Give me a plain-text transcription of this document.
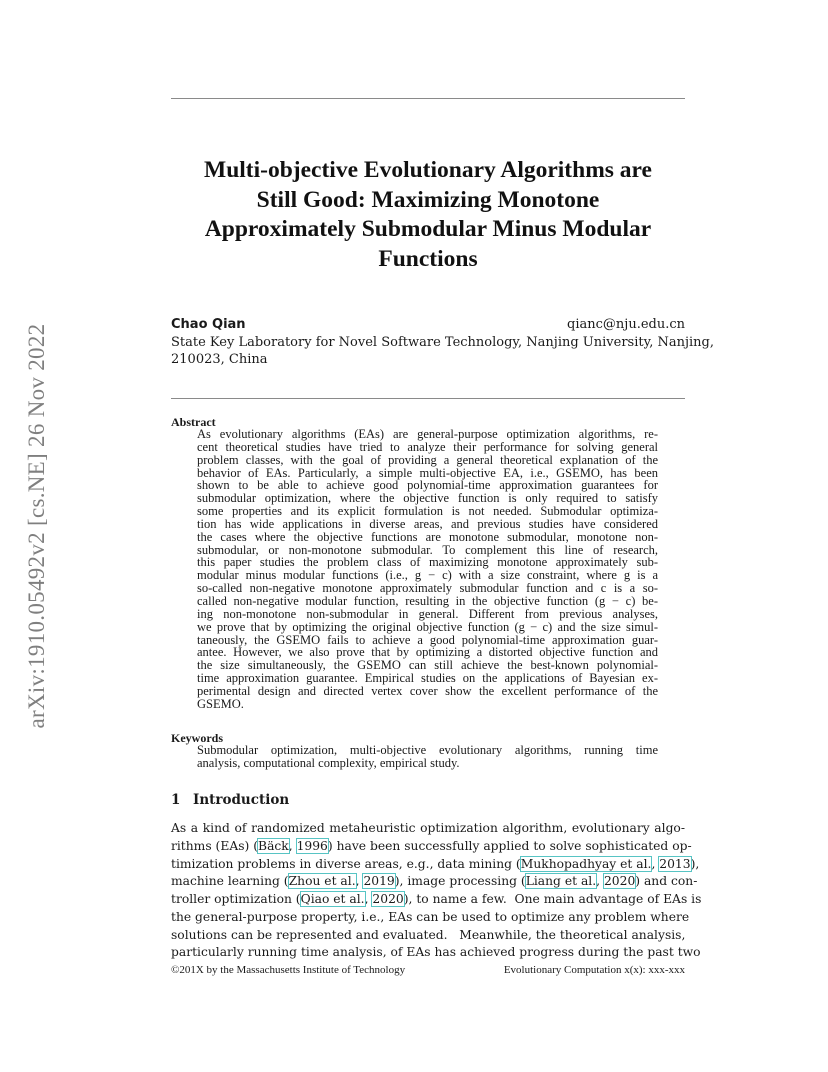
arXiv:1910.05492v2 [cs.NE] 26 Nov 2022
Multi-objective Evolutionary Algorithms are
Still Good: Maximizing Monotone
Approximately Submodular Minus Modular
Functions
Chao Qian	qianc@nju.edu.cn
State Key Laboratory for Novel Software Technology, Nanjing University, Nanjing,
210023, China
Abstract
As evolutionary algorithms (EAs) are general-purpose optimization algorithms, re-
cent theoretical studies have tried to analyze their performance for solving general
problem classes, with the goal of providing a general theoretical explanation of the
behavior of EAs. Particularly, a simple multi-objective EA, i.e., GSEMO, has been
shown to be able to achieve good polynomial-time approximation guarantees for
submodular optimization, where the objective function is only required to satisfy
some properties and its explicit formulation is not needed. Submodular optimiza-
tion has wide applications in diverse areas, and previous studies have considered
the cases where the objective functions are monotone submodular, monotone non-
submodular, or non-monotone submodular. To complement this line of research,
this paper studies the problem class of maximizing monotone approximately sub-
modular minus modular functions (i.e., g − c) with a size constraint, where g is a
so-called non-negative monotone approximately submodular function and c is a so-
called non-negative modular function, resulting in the objective function (g − c) be-
ing non-monotone non-submodular in general. Different from previous analyses,
we prove that by optimizing the original objective function (g − c) and the size simul-
taneously, the GSEMO fails to achieve a good polynomial-time approximation guar-
antee. However, we also prove that by optimizing a distorted objective function and
the size simultaneously, the GSEMO can still achieve the best-known polynomial-
time approximation guarantee. Empirical studies on the applications of Bayesian ex-
perimental design and directed vertex cover show the excellent performance of the
GSEMO.
Keywords
Submodular optimization, multi-objective evolutionary algorithms, running time
analysis, computational complexity, empirical study.
1 Introduction
As a kind of randomized metaheuristic optimization algorithm, evolutionary algo-
rithms (EAs) (Bäck, 1996) have been successfully applied to solve sophisticated op-
timization problems in diverse areas, e.g., data mining (Mukhopadhyay et al., 2013),
machine learning (Zhou et al., 2019), image processing (Liang et al., 2020) and con-
troller optimization (Qiao et al., 2020), to name a few.  One main advantage of EAs is
the general-purpose property, i.e., EAs can be used to optimize any problem where
solutions can be represented and evaluated.   Meanwhile, the theoretical analysis,
particularly running time analysis, of EAs has achieved progress during the past two
©201X by the Massachusetts Institute of Technology	Evolutionary Computation x(x): xxx-xxx
